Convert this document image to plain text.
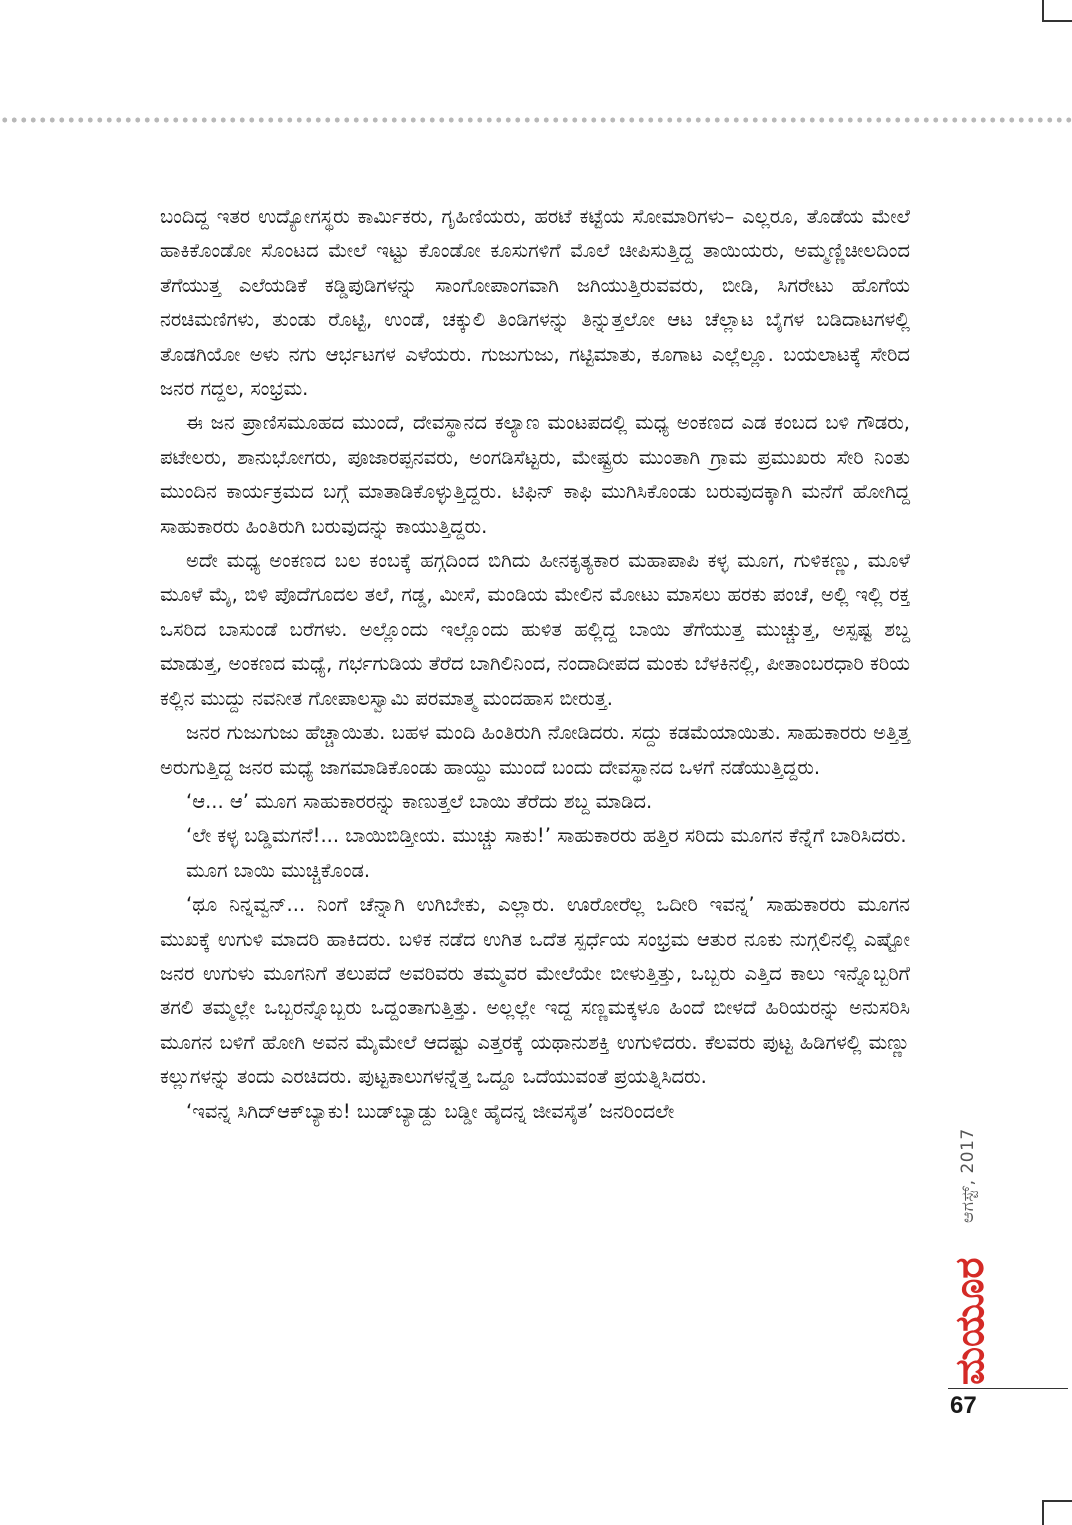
ಬಂದಿದ್ದ ಇತರ ಉದ್ಯೋಗಸ್ಥರು ಕಾರ್ಮಿಕರು, ಗೃಹಿಣಿಯರು, ಹರಟೆ ಕಟ್ಟೆಯ ಸೋಮಾರಿಗಳು– ಎಲ್ಲರೂ, ತೊಡೆಯ ಮೇಲೆ ಹಾಕಿಕೊಂಡೋ ಸೊಂಟದ ಮೇಲೆ ಇಟ್ಟು ಕೊಂಡೋ ಕೂಸುಗಳಿಗೆ ಮೊಲೆ ಚೀಪಿಸುತ್ತಿದ್ದ ತಾಯಿಯರು, ಅಮ್ಮಣ್ಣಿಚೀಲದಿಂದ ತೆಗೆಯುತ್ತ ಎಲೆಯಡಿಕೆ ಕಡ್ಡಿಪುಡಿಗಳನ್ನು ಸಾಂಗೋಪಾಂಗವಾಗಿ ಜಗಿಯುತ್ತಿರುವವರು, ಬೀಡಿ, ಸಿಗರೇಟು ಹೊಗೆಯ ನರಚಿಮಣಿಗಳು, ತುಂಡು ರೊಟ್ಟಿ, ಉಂಡೆ, ಚಕ್ಕುಲಿ ತಿಂಡಿಗಳನ್ನು ತಿನ್ನುತ್ತಲೋ ಆಟ ಚೆಲ್ಲಾಟ ಬೈಗಳ ಬಡಿದಾಟಗಳಲ್ಲಿ ತೊಡಗಿಯೋ ಅಳು ನಗು ಆರ್ಭಟಗಳ ಎಳೆಯರು. ಗುಜುಗುಜು, ಗಟ್ಟಿಮಾತು, ಕೂಗಾಟ ಎಲ್ಲೆಲ್ಲೂ. ಬಯಲಾಟಕ್ಕೆ ಸೇರಿದ ಜನರ ಗದ್ದಲ, ಸಂಭ್ರಮ.

ಈ ಜನ ಪ್ರಾಣಿಸಮೂಹದ ಮುಂದೆ, ದೇವಸ್ಥಾನದ ಕಲ್ಯಾಣ ಮಂಟಪದಲ್ಲಿ ಮಧ್ಯ ಅಂಕಣದ ಎಡ ಕಂಬದ ಬಳಿ ಗೌಡರು, ಪಟೇಲರು, ಶಾನುಭೋಗರು, ಪೂಜಾರಪ್ಪನವರು, ಅಂಗಡಿಸೆಟ್ಟರು, ಮೇಷ್ಟ್ರರು ಮುಂತಾಗಿ ಗ್ರಾಮ ಪ್ರಮುಖರು ಸೇರಿ ನಿಂತು ಮುಂದಿನ ಕಾರ್ಯಕ್ರಮದ ಬಗ್ಗೆ ಮಾತಾಡಿಕೊಳ್ಳುತ್ತಿದ್ದರು. ಟಿಫಿನ್ ಕಾಫಿ ಮುಗಿಸಿಕೊಂಡು ಬರುವುದಕ್ಕಾಗಿ ಮನೆಗೆ ಹೋಗಿದ್ದ ಸಾಹುಕಾರರು ಹಿಂತಿರುಗಿ ಬರುವುದನ್ನು ಕಾಯುತ್ತಿದ್ದರು.

ಅದೇ ಮಧ್ಯ ಅಂಕಣದ ಬಲ ಕಂಬಕ್ಕೆ ಹಗ್ಗದಿಂದ ಬಿಗಿದು ಹೀನಕೃತ್ಯಕಾರ ಮಹಾಪಾಪಿ ಕಳ್ಳ ಮೂಗ, ಗುಳಿಕಣ್ಣು, ಮೂಳೆ ಮೂಳೆ ಮೈ, ಬಿಳಿ ಪೊದೆಗೂದಲ ತಲೆ, ಗಡ್ಡ, ಮೀಸೆ, ಮಂಡಿಯ ಮೇಲಿನ ಮೋಟು ಮಾಸಲು ಹರಕು ಪಂಚೆ, ಅಲ್ಲಿ ಇಲ್ಲಿ ರಕ್ತ ಒಸರಿದ ಬಾಸುಂಡೆ ಬರೆಗಳು. ಅಲ್ಲೊಂದು ಇಲ್ಲೊಂದು ಹುಳಿತ ಹಲ್ಲಿದ್ದ ಬಾಯಿ ತೆಗೆಯುತ್ತ ಮುಚ್ಚುತ್ತ, ಅಸ್ಪಷ್ಟ ಶಬ್ದ ಮಾಡುತ್ತ, ಅಂಕಣದ ಮಧ್ಯೆ, ಗರ್ಭಗುಡಿಯ ತೆರೆದ ಬಾಗಿಲಿನಿಂದ, ನಂದಾದೀಪದ ಮಂಕು ಬೆಳಕಿನಲ್ಲಿ, ಪೀತಾಂಬರಧಾರಿ ಕರಿಯ ಕಲ್ಲಿನ ಮುದ್ದು ನವನೀತ ಗೋಪಾಲಸ್ವಾಮಿ ಪರಮಾತ್ಮ ಮಂದಹಾಸ ಬೀರುತ್ತ.

ಜನರ ಗುಜುಗುಜು ಹೆಚ್ಚಾಯಿತು. ಬಹಳ ಮಂದಿ ಹಿಂತಿರುಗಿ ನೋಡಿದರು. ಸದ್ದು ಕಡಮೆಯಾಯಿತು. ಸಾಹುಕಾರರು ಅತ್ತಿತ್ತ ಅರುಗುತ್ತಿದ್ದ ಜನರ ಮಧ್ಯೆ ಜಾಗಮಾಡಿಕೊಂಡು ಹಾಯ್ದು ಮುಂದೆ ಬಂದು ದೇವಸ್ಥಾನದ ಒಳಗೆ ನಡೆಯುತ್ತಿದ್ದರು.

‘ಆ... ಆ’ ಮೂಗ ಸಾಹುಕಾರರನ್ನು ಕಾಣುತ್ತಲೆ ಬಾಯಿ ತೆರೆದು ಶಬ್ದ ಮಾಡಿದ.

‘ಲೇ ಕಳ್ಳ ಬಡ್ಡಿಮಗನೆ!... ಬಾಯಿಬಿಡ್ತೀಯ. ಮುಚ್ಚು ಸಾಕು!’ ಸಾಹುಕಾರರು ಹತ್ತಿರ ಸರಿದು ಮೂಗನ ಕೆನ್ನೆಗೆ ಬಾರಿಸಿದರು.

ಮೂಗ ಬಾಯಿ ಮುಚ್ಚಿಕೊಂಡ.

‘ಥೂ ನಿನ್ನವ್ವನ್... ನಿಂಗೆ ಚೆನ್ನಾಗಿ ಉಗಿಬೇಕು, ಎಲ್ಲಾರು. ಊರೋರೆಲ್ಲ ಒದೀರಿ ಇವನ್ನ’ ಸಾಹುಕಾರರು ಮೂಗನ ಮುಖಕ್ಕೆ ಉಗುಳಿ ಮಾದರಿ ಹಾಕಿದರು. ಬಳಿಕ ನಡೆದ ಉಗಿತ ಒದೆತ ಸ್ಪರ್ಧೆಯ ಸಂಭ್ರಮ ಆತುರ ನೂಕು ನುಗ್ಗಲಿನಲ್ಲಿ ಎಷ್ಟೋ ಜನರ ಉಗುಳು ಮೂಗನಿಗೆ ತಲುಪದೆ ಅವರಿವರು ತಮ್ಮವರ ಮೇಲೆಯೇ ಬೀಳುತ್ತಿತ್ತು, ಒಬ್ಬರು ಎತ್ತಿದ ಕಾಲು ಇನ್ನೊಬ್ಬರಿಗೆ ತಗಲಿ ತಮ್ಮಲ್ಲೇ ಒಬ್ಬರನ್ನೊಬ್ಬರು ಒದ್ದಂತಾಗುತ್ತಿತ್ತು. ಅಲ್ಲಲ್ಲೇ ಇದ್ದ ಸಣ್ಣಮಕ್ಕಳೂ ಹಿಂದೆ ಬೀಳದೆ ಹಿರಿಯರನ್ನು ಅನುಸರಿಸಿ ಮೂಗನ ಬಳಿಗೆ ಹೋಗಿ ಅವನ ಮೈಮೇಲೆ ಆದಷ್ಟು ಎತ್ತರಕ್ಕೆ ಯಥಾನುಶಕ್ತಿ ಉಗುಳಿದರು. ಕೆಲವರು ಪುಟ್ಟ ಹಿಡಿಗಳಲ್ಲಿ ಮಣ್ಣು ಕಲ್ಲುಗಳನ್ನು ತಂದು ಎರಚಿದರು. ಪುಟ್ಟಕಾಲುಗಳನ್ನೆತ್ತ ಒದ್ದೂ ಒದೆಯುವಂತೆ ಪ್ರಯತ್ನಿಸಿದರು.

‘ಇವನ್ನ ಸಿಗಿದ್‌ಆಕ್‌ಬ್ಯಾಕು! ಬುಡ್‌ಬ್ಯಾಡ್ದು ಬಡ್ಡೀ ಹೈದನ್ನ ಜೀವಸೈತ’ ಜನರಿಂದಲೇ

ಆಗಸ್ಟ್, 2017
ಮಯೂರ
67
